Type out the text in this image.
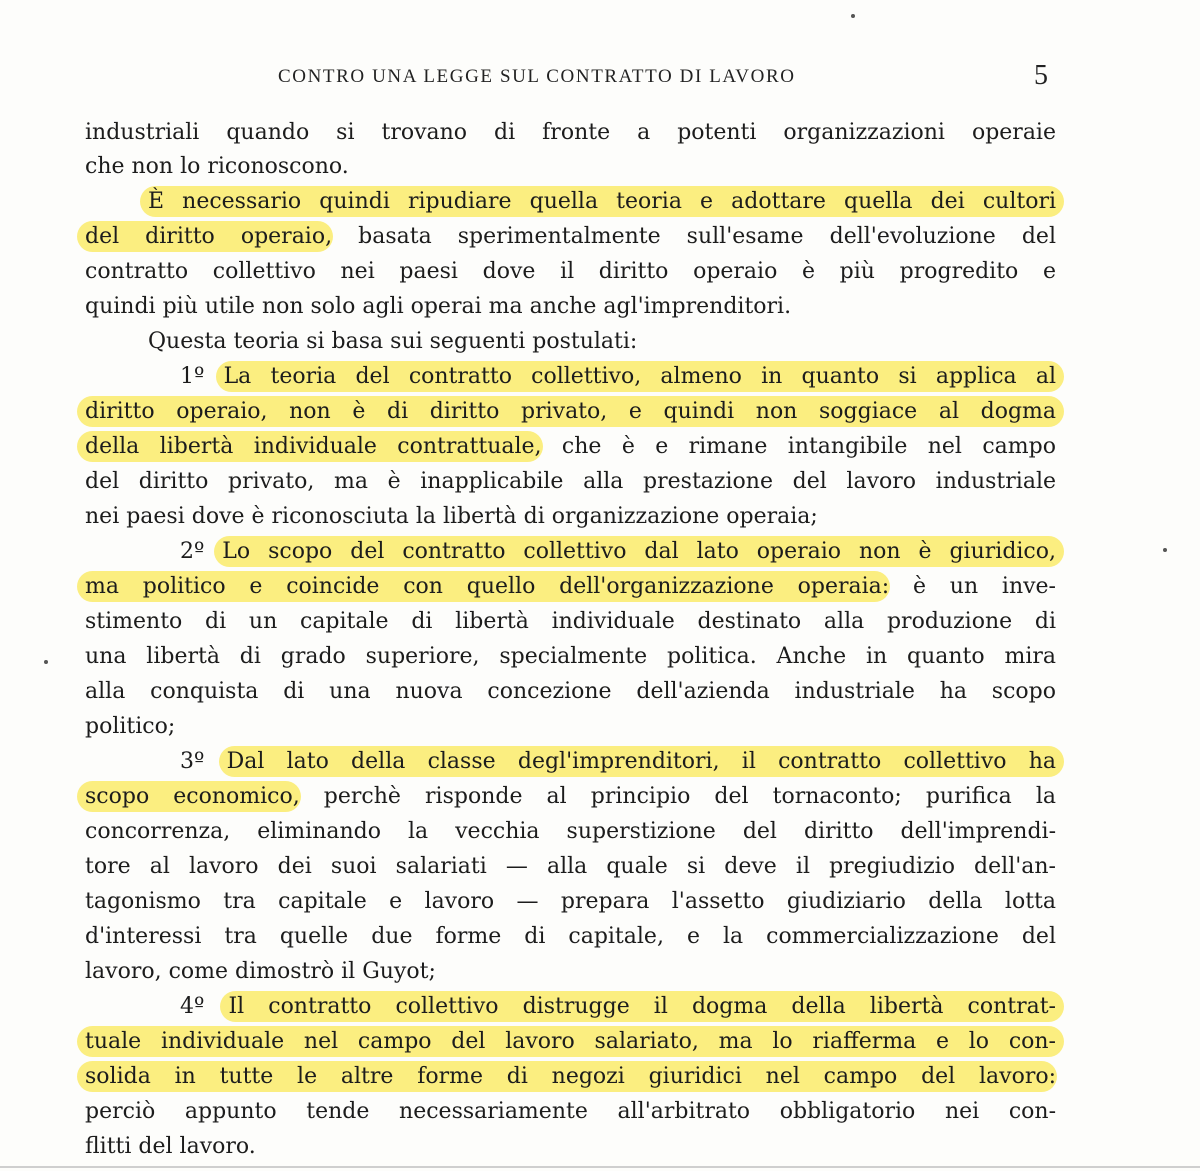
CONTRO UNA LEGGE SUL CONTRATTO DI LAVORO	5
industriali quando si trovano di fronte a potenti organizzazioni operaie
che non lo riconoscono.
È necessario quindi ripudiare quella teoria e adottare quella dei cultori
del diritto operaio, basata sperimentalmente sull'esame dell'evoluzione del
contratto collettivo nei paesi dove il diritto operaio è più progredito e
quindi più utile non solo agli operai ma anche agl'imprenditori.
Questa teoria si basa sui seguenti postulati:
1º La teoria del contratto collettivo, almeno in quanto si applica al
diritto operaio, non è di diritto privato, e quindi non soggiace al dogma
della libertà individuale contrattuale, che è e rimane intangibile nel campo
del diritto privato, ma è inapplicabile alla prestazione del lavoro industriale
nei paesi dove è riconosciuta la libertà di organizzazione operaia;
2º Lo scopo del contratto collettivo dal lato operaio non è giuridico,
ma politico e coincide con quello dell'organizzazione operaia: è un inve-
stimento di un capitale di libertà individuale destinato alla produzione di
una libertà di grado superiore, specialmente politica. Anche in quanto mira
alla conquista di una nuova concezione dell'azienda industriale ha scopo
politico;
3º Dal lato della classe degl'imprenditori, il contratto collettivo ha
scopo economico, perchè risponde al principio del tornaconto; purifica la
concorrenza, eliminando la vecchia superstizione del diritto dell'imprendi-
tore al lavoro dei suoi salariati — alla quale si deve il pregiudizio dell'an-
tagonismo tra capitale e lavoro — prepara l'assetto giudiziario della lotta
d'interessi tra quelle due forme di capitale, e la commercializzazione del
lavoro, come dimostrò il Guyot;
4º Il contratto collettivo distrugge il dogma della libertà contrat-
tuale individuale nel campo del lavoro salariato, ma lo riafferma e lo con-
solida in tutte le altre forme di negozi giuridici nel campo del lavoro:
perciò appunto tende necessariamente all'arbitrato obbligatorio nei con-
flitti del lavoro.
